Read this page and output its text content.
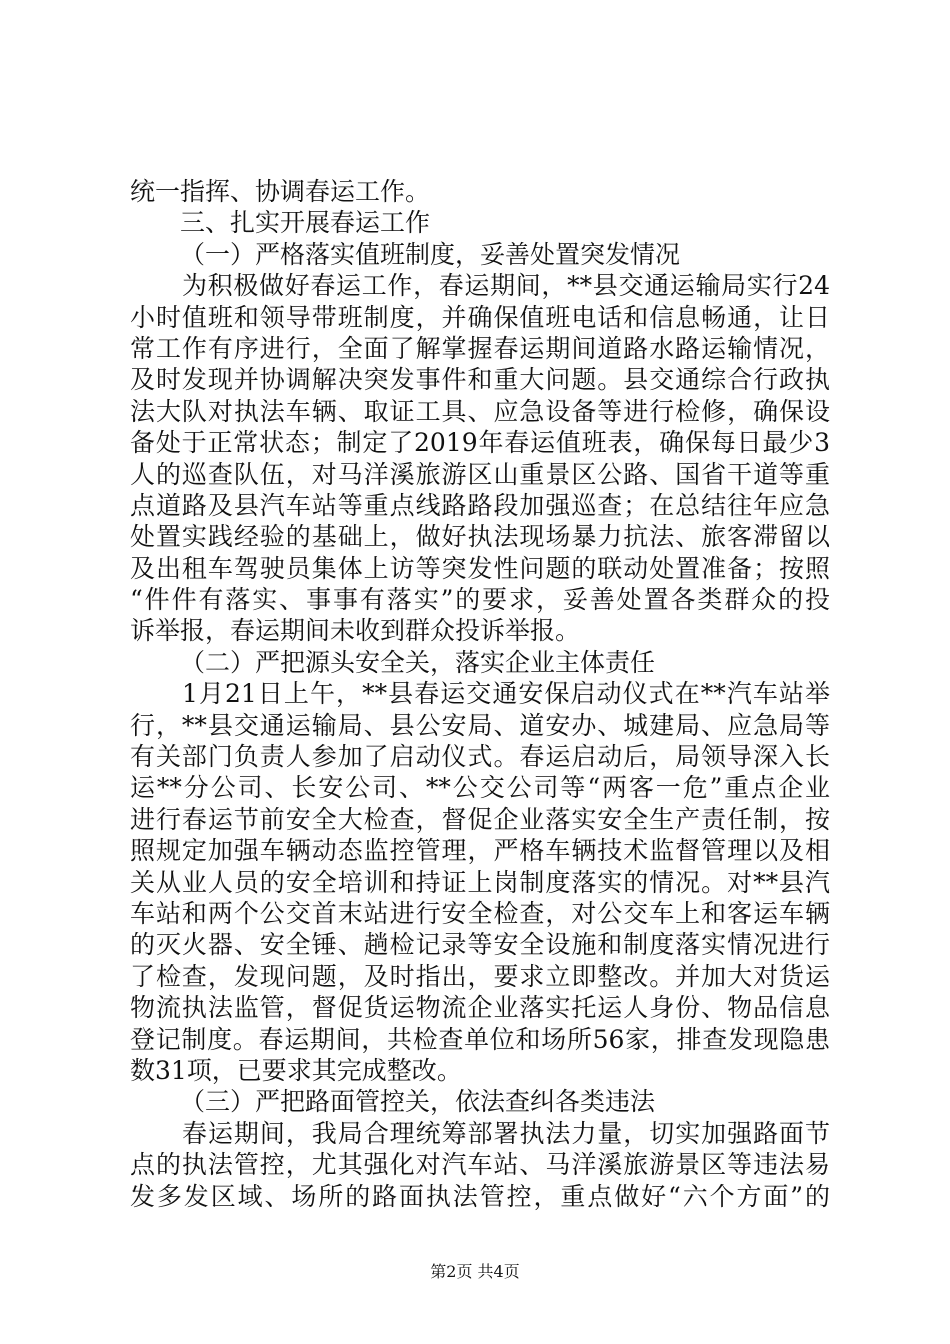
统一指挥、协调春运工作。
三、扎实开展春运工作
（一）严格落实值班制度，妥善处置突发情况
为积极做好春运工作，春运期间，**县交通运输局实行24
小时值班和领导带班制度，并确保值班电话和信息畅通，让日
常工作有序进行，全面了解掌握春运期间道路水路运输情况，
及时发现并协调解决突发事件和重大问题。县交通综合行政执
法大队对执法车辆、取证工具、应急设备等进行检修，确保设
备处于正常状态；制定了2019年春运值班表，确保每日最少3
人的巡查队伍，对马洋溪旅游区山重景区公路、国省干道等重
点道路及县汽车站等重点线路路段加强巡查；在总结往年应急
处置实践经验的基础上，做好执法现场暴力抗法、旅客滞留以
及出租车驾驶员集体上访等突发性问题的联动处置准备；按照
“件件有落实、事事有落实”的要求，妥善处置各类群众的投
诉举报，春运期间未收到群众投诉举报。
（二）严把源头安全关，落实企业主体责任
1月21日上午，**县春运交通安保启动仪式在**汽车站举
行，**县交通运输局、县公安局、道安办、城建局、应急局等
有关部门负责人参加了启动仪式。春运启动后，局领导深入长
运**分公司、长安公司、**公交公司等“两客一危”重点企业
进行春运节前安全大检查，督促企业落实安全生产责任制，按
照规定加强车辆动态监控管理，严格车辆技术监督管理以及相
关从业人员的安全培训和持证上岗制度落实的情况。对**县汽
车站和两个公交首末站进行安全检查，对公交车上和客运车辆
的灭火器、安全锤、趟检记录等安全设施和制度落实情况进行
了检查，发现问题，及时指出，要求立即整改。并加大对货运
物流执法监管，督促货运物流企业落实托运人身份、物品信息
登记制度。春运期间，共检查单位和场所56家，排查发现隐患
数31项，已要求其完成整改。
（三）严把路面管控关，依法查纠各类违法
春运期间，我局合理统筹部署执法力量，切实加强路面节
点的执法管控，尤其强化对汽车站、马洋溪旅游景区等违法易
发多发区域、场所的路面执法管控，重点做好“六个方面”的
第2页 共4页
